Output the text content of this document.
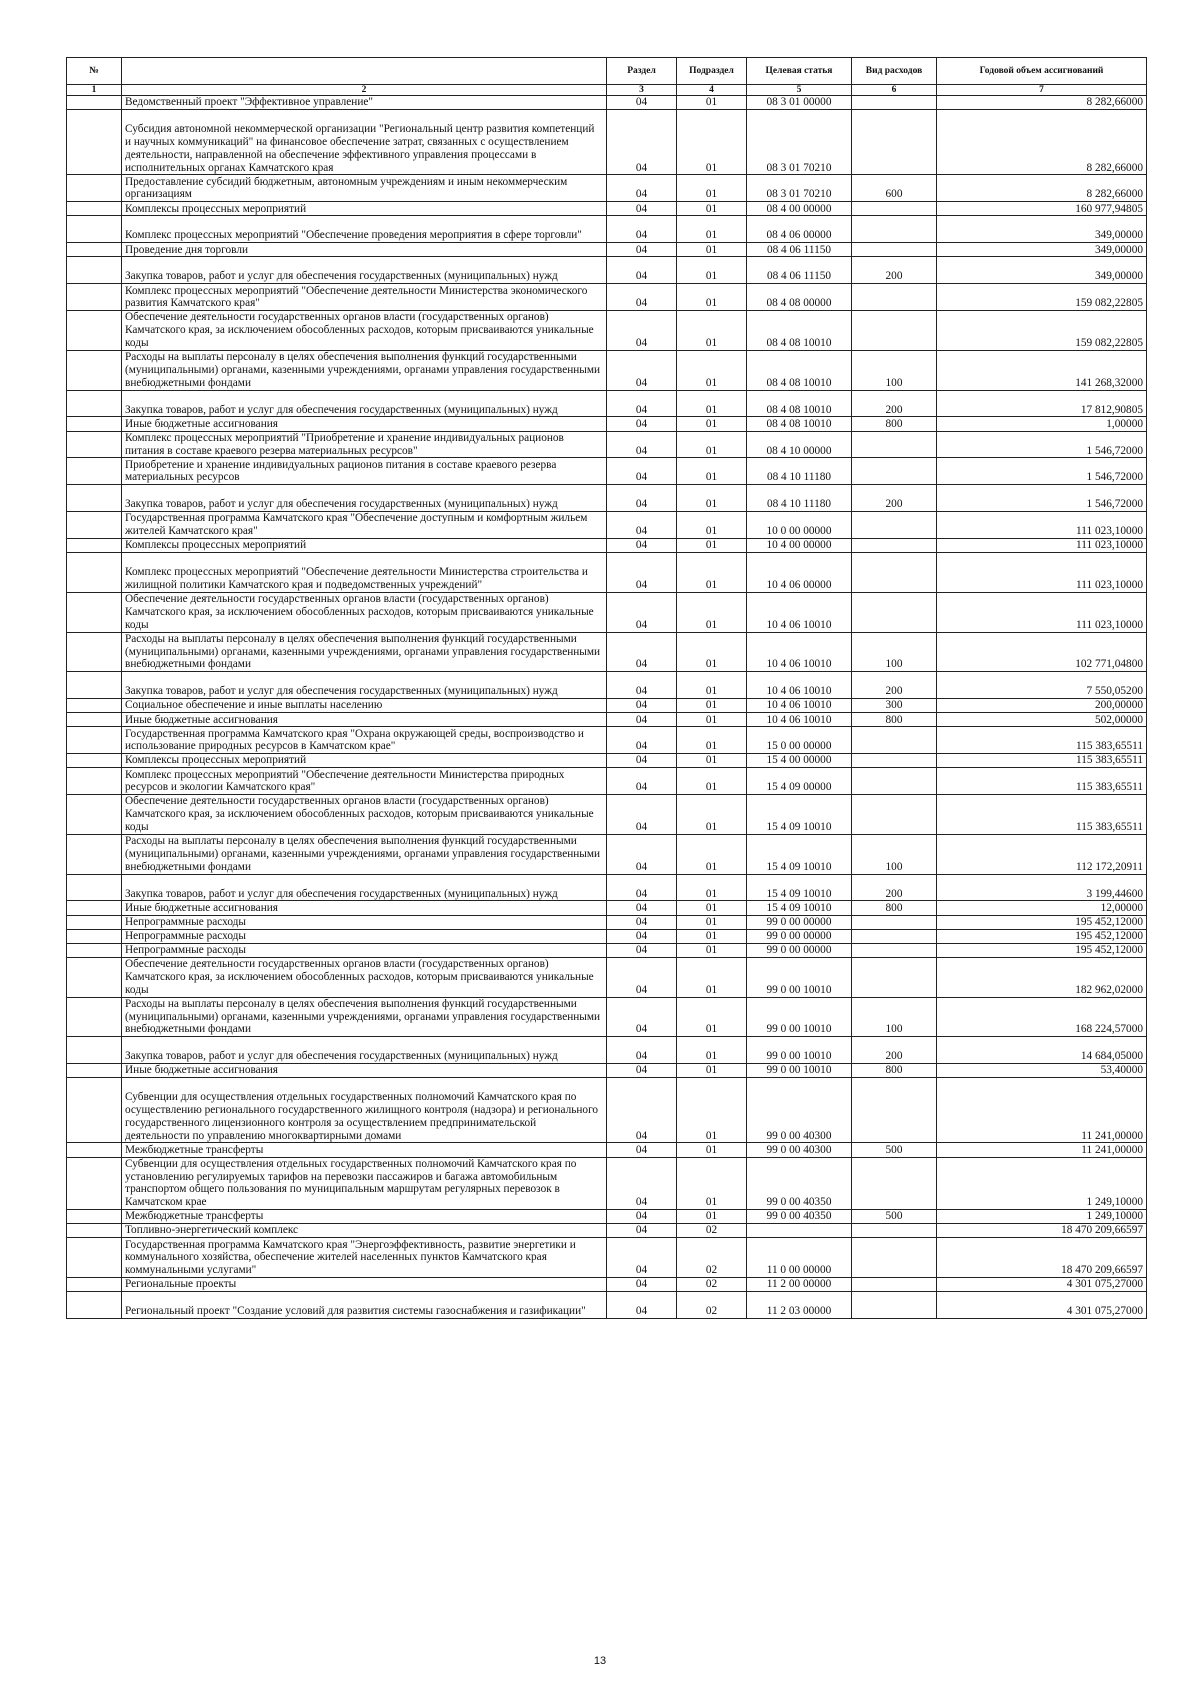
№		Раздел	Подраздел	Целевая статья	Вид расходов	Годовой объем ассигнований
1	2	3	4	5	6	7
	Ведомственный проект "Эффективное управление"	04	01	08 3 01 00000		8 282,66000
	Субсидия автономной некоммерческой организации "Региональный центр развития компетенций и научных коммуникаций" на финансовое обеспечение затрат, связанных с осуществлением деятельности, направленной на обеспечение эффективного управления процессами в исполнительных органах Камчатского края	04	01	08 3 01 70210		8 282,66000
	Предоставление субсидий бюджетным, автономным учреждениям и иным некоммерческим организациям	04	01	08 3 01 70210	600	8 282,66000
	Комплексы процессных мероприятий	04	01	08 4 00 00000		160 977,94805
	Комплекс процессных мероприятий "Обеспечение проведения мероприятия в сфере торговли"	04	01	08 4 06 00000		349,00000
	Проведение дня торговли	04	01	08 4 06 11150		349,00000
	Закупка товаров, работ и услуг для обеспечения государственных (муниципальных) нужд	04	01	08 4 06 11150	200	349,00000
	Комплекс процессных мероприятий "Обеспечение деятельности Министерства экономического развития Камчатского края"	04	01	08 4 08 00000		159 082,22805
	Обеспечение деятельности государственных органов власти (государственных органов) Камчатского края, за исключением обособленных расходов, которым присваиваются уникальные коды	04	01	08 4 08 10010		159 082,22805
	Расходы на выплаты персоналу в целях обеспечения выполнения функций государственными (муниципальными) органами, казенными учреждениями, органами управления государственными внебюджетными фондами	04	01	08 4 08 10010	100	141 268,32000
	Закупка товаров, работ и услуг для обеспечения государственных (муниципальных) нужд	04	01	08 4 08 10010	200	17 812,90805
	Иные бюджетные ассигнования	04	01	08 4 08 10010	800	1,00000
	Комплекс процессных мероприятий "Приобретение и хранение индивидуальных рационов питания в составе краевого резерва материальных ресурсов"	04	01	08 4 10 00000		1 546,72000
	Приобретение и хранение индивидуальных рационов питания в составе краевого резерва материальных ресурсов	04	01	08 4 10 11180		1 546,72000
	Закупка товаров, работ и услуг для обеспечения государственных (муниципальных) нужд	04	01	08 4 10 11180	200	1 546,72000
	Государственная программа Камчатского края "Обеспечение доступным и комфортным жильем жителей Камчатского края"	04	01	10 0 00 00000		111 023,10000
	Комплексы процессных мероприятий	04	01	10 4 00 00000		111 023,10000
	Комплекс процессных мероприятий "Обеспечение деятельности Министерства строительства и жилищной политики Камчатского края и подведомственных учреждений"	04	01	10 4 06 00000		111 023,10000
	Обеспечение деятельности государственных органов власти (государственных органов) Камчатского края, за исключением обособленных расходов, которым присваиваются уникальные коды	04	01	10 4 06 10010		111 023,10000
	Расходы на выплаты персоналу в целях обеспечения выполнения функций государственными (муниципальными) органами, казенными учреждениями, органами управления государственными внебюджетными фондами	04	01	10 4 06 10010	100	102 771,04800
	Закупка товаров, работ и услуг для обеспечения государственных (муниципальных) нужд	04	01	10 4 06 10010	200	7 550,05200
	Социальное обеспечение и иные выплаты населению	04	01	10 4 06 10010	300	200,00000
	Иные бюджетные ассигнования	04	01	10 4 06 10010	800	502,00000
	Государственная программа Камчатского края "Охрана окружающей среды, воспроизводство и использование природных ресурсов в Камчатском крае"	04	01	15 0 00 00000		115 383,65511
	Комплексы процессных мероприятий	04	01	15 4 00 00000		115 383,65511
	Комплекс процессных мероприятий "Обеспечение деятельности Министерства природных ресурсов и экологии Камчатского края"	04	01	15 4 09 00000		115 383,65511
	Обеспечение деятельности государственных органов власти (государственных органов) Камчатского края, за исключением обособленных расходов, которым присваиваются уникальные коды	04	01	15 4 09 10010		115 383,65511
	Расходы на выплаты персоналу в целях обеспечения выполнения функций государственными (муниципальными) органами, казенными учреждениями, органами управления государственными внебюджетными фондами	04	01	15 4 09 10010	100	112 172,20911
	Закупка товаров, работ и услуг для обеспечения государственных (муниципальных) нужд	04	01	15 4 09 10010	200	3 199,44600
	Иные бюджетные ассигнования	04	01	15 4 09 10010	800	12,00000
	Непрограммные расходы	04	01	99 0 00 00000		195 452,12000
	Непрограммные расходы	04	01	99 0 00 00000		195 452,12000
	Непрограммные расходы	04	01	99 0 00 00000		195 452,12000
	Обеспечение деятельности государственных органов власти (государственных органов) Камчатского края, за исключением обособленных расходов, которым присваиваются уникальные коды	04	01	99 0 00 10010		182 962,02000
	Расходы на выплаты персоналу в целях обеспечения выполнения функций государственными (муниципальными) органами, казенными учреждениями, органами управления государственными внебюджетными фондами	04	01	99 0 00 10010	100	168 224,57000
	Закупка товаров, работ и услуг для обеспечения государственных (муниципальных) нужд	04	01	99 0 00 10010	200	14 684,05000
	Иные бюджетные ассигнования	04	01	99 0 00 10010	800	53,40000
	Субвенции для осуществления отдельных государственных полномочий Камчатского края по осуществлению регионального государственного жилищного контроля (надзора) и регионального государственного лицензионного контроля за осуществлением предпринимательской деятельности по управлению многоквартирными домами	04	01	99 0 00 40300		11 241,00000
	Межбюджетные трансферты	04	01	99 0 00 40300	500	11 241,00000
	Субвенции для осуществления отдельных государственных полномочий Камчатского края по установлению регулируемых тарифов на перевозки пассажиров и багажа автомобильным транспортом общего пользования по муниципальным маршрутам регулярных перевозок в Камчатском крае	04	01	99 0 00 40350		1 249,10000
	Межбюджетные трансферты	04	01	99 0 00 40350	500	1 249,10000
	Топливно-энергетический комплекс	04	02			18 470 209,66597
	Государственная программа Камчатского края "Энергоэффективность, развитие энергетики и коммунального хозяйства, обеспечение жителей населенных пунктов Камчатского края коммунальными услугами"	04	02	11 0 00 00000		18 470 209,66597
	Региональные проекты	04	02	11 2 00 00000		4 301 075,27000
	Региональный проект "Создание условий для развития системы газоснабжения и газификации"	04	02	11 2 03 00000		4 301 075,27000
13
